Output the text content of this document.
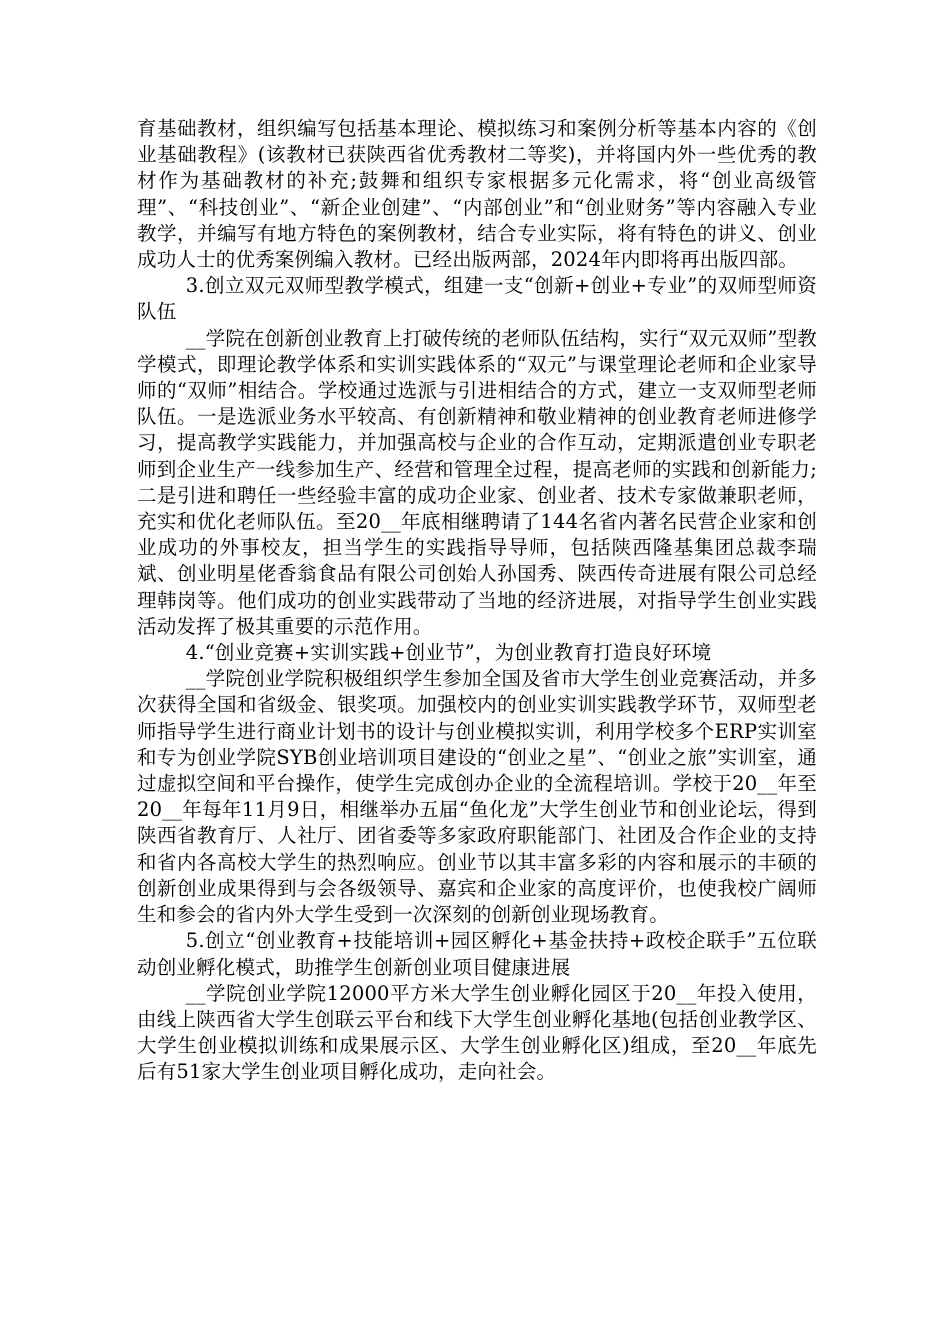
育基础教材，组织编写包括基本理论、模拟练习和案例分析等基本内容的《创业基础教程》(该教材已获陕西省优秀教材二等奖)，并将国内外一些优秀的教材作为基础教材的补充;鼓舞和组织专家根据多元化需求，将“创业高级管理”、“科技创业”、“新企业创建”、“内部创业”和“创业财务”等内容融入专业教学，并编写有地方特色的案例教材，结合专业实际，将有特色的讲义、创业成功人士的优秀案例编入教材。已经出版两部，2024年内即将再出版四部。

3.创立双元双师型教学模式，组建一支“创新+创业+专业”的双师型师资队伍

__学院在创新创业教育上打破传统的老师队伍结构，实行“双元双师”型教学模式，即理论教学体系和实训实践体系的“双元”与课堂理论老师和企业家导师的“双师”相结合。学校通过选派与引进相结合的方式，建立一支双师型老师队伍。一是选派业务水平较高、有创新精神和敬业精神的创业教育老师进修学习，提高教学实践能力，并加强高校与企业的合作互动，定期派遣创业专职老师到企业生产一线参加生产、经营和管理全过程，提高老师的实践和创新能力;二是引进和聘任一些经验丰富的成功企业家、创业者、技术专家做兼职老师，充实和优化老师队伍。至20__年底相继聘请了144名省内著名民营企业家和创业成功的外事校友，担当学生的实践指导导师，包括陕西隆基集团总裁李瑞斌、创业明星佬香翁食品有限公司创始人孙国秀、陕西传奇进展有限公司总经理韩岗等。他们成功的创业实践带动了当地的经济进展，对指导学生创业实践活动发挥了极其重要的示范作用。

4.“创业竞赛+实训实践+创业节”，为创业教育打造良好环境

__学院创业学院积极组织学生参加全国及省市大学生创业竞赛活动，并多次获得全国和省级金、银奖项。加强校内的创业实训实践教学环节，双师型老师指导学生进行商业计划书的设计与创业模拟实训，利用学校多个ERP实训室和专为创业学院SYB创业培训项目建设的“创业之星”、“创业之旅”实训室，通过虚拟空间和平台操作，使学生完成创办企业的全流程培训。学校于20__年至20__年每年11月9日，相继举办五届“鱼化龙”大学生创业节和创业论坛，得到陕西省教育厅、人社厅、团省委等多家政府职能部门、社团及合作企业的支持和省内各高校大学生的热烈响应。创业节以其丰富多彩的内容和展示的丰硕的创新创业成果得到与会各级领导、嘉宾和企业家的高度评价，也使我校广阔师生和参会的省内外大学生受到一次深刻的创新创业现场教育。

5.创立“创业教育+技能培训+园区孵化+基金扶持+政校企联手”五位联动创业孵化模式，助推学生创新创业项目健康进展

__学院创业学院12000平方米大学生创业孵化园区于20__年投入使用，由线上陕西省大学生创联云平台和线下大学生创业孵化基地(包括创业教学区、大学生创业模拟训练和成果展示区、大学生创业孵化区)组成，至20__年底先后有51家大学生创业项目孵化成功，走向社会。
